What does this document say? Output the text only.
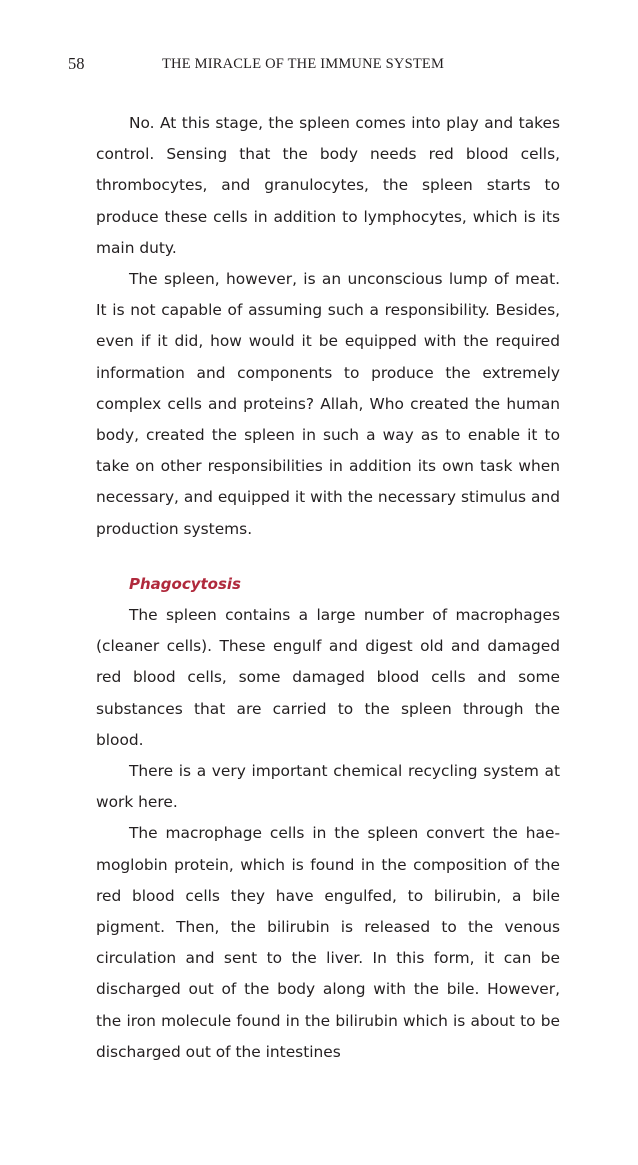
58	THE MIRACLE OF THE IMMUNE SYSTEM

No. At this stage, the spleen comes into play and takes control. Sensing that the body needs red blood cells, thrombocytes, and granulocytes, the spleen starts to produce these cells in addition to lymphocytes, which is its main duty.

The spleen, however, is an unconscious lump of meat. It is not capable of assuming such a responsibility. Besides, even if it did, how would it be equipped with the required information and components to produce the extremely complex cells and proteins? Allah, Who created the human body, created the spleen in such a way as to enable it to take on other responsibilities in addition its own task when necessary, and equipped it with the necessary stimulus and production systems.

Phagocytosis

The spleen contains a large number of macrophages (cleaner cells). These engulf and digest old and damaged red blood cells, some damaged blood cells and some substances that are carried to the spleen through the blood.

There is a very important chemical recycling system at work here.

The macrophage cells in the spleen convert the haemoglobin protein, which is found in the composition of the red blood cells they have engulfed, to bilirubin, a bile pigment. Then, the bilirubin is released to the venous circulation and sent to the liver. In this form, it can be discharged out of the body along with the bile. However, the iron molecule found in the bilirubin which is about to be discharged out of the intestines
